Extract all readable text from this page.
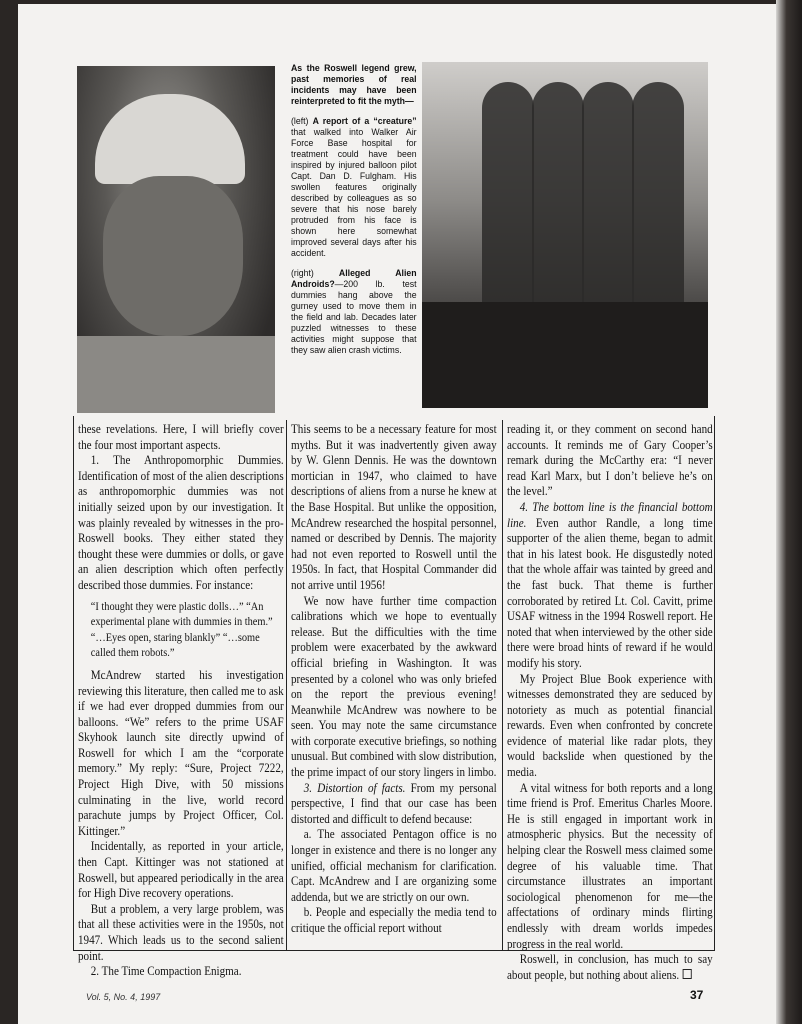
As the Roswell legend grew, past memories of real incidents may have been reinterpreted to fit the myth—

(left) A report of a “creature” that walked into Walker Air Force Base hospital for treatment could have been inspired by injured balloon pilot Capt. Dan D. Fulgham. His swollen features originally described by colleagues as so severe that his nose barely protruded from his face is shown here somewhat improved several days after his accident.

(right) Alleged Alien Androids?—200 lb. test dummies hang above the gurney used to move them in the field and lab. Decades later puzzled witnesses to these activities might suppose that they saw alien crash victims.

these revelations. Here, I will briefly cover the four most important aspects.

1. The Anthropomorphic Dummies. Identification of most of the alien descriptions as anthropomorphic dummies was not initially seized upon by our investigation. It was plainly revealed by witnesses in the pro-Roswell books. They either stated they thought these were dummies or dolls, or gave an alien description which often perfectly described those dummies. For instance:

“I thought they were plastic dolls…” “An experimental plane with dummies in them.” “…Eyes open, staring blankly” “…some called them robots.”

McAndrew started his investigation reviewing this literature, then called me to ask if we had ever dropped dummies from our balloons. “We” refers to the prime USAF Skyhook launch site directly upwind of Roswell for which I am the “corporate memory.” My reply: “Sure, Project 7222, Project High Dive, with 50 missions culminating in the live, world record parachute jumps by Project Officer, Col. Kittinger.”

Incidentally, as reported in your article, then Capt. Kittinger was not stationed at Roswell, but appeared periodically in the area for High Dive recovery operations.

But a problem, a very large problem, was that all these activities were in the 1950s, not 1947. Which leads us to the second salient point.

2. The Time Compaction Enigma.

This seems to be a necessary feature for most myths. But it was inadvertently given away by W. Glenn Dennis. He was the downtown mortician in 1947, who claimed to have descriptions of aliens from a nurse he knew at the Base Hospital. But unlike the opposition, McAndrew researched the hospital personnel, named or described by Dennis. The majority had not even reported to Roswell until the 1950s. In fact, that Hospital Commander did not arrive until 1956!

We now have further time compaction calibrations which we hope to eventually release. But the difficulties with the time problem were exacerbated by the awkward official briefing in Washington. It was presented by a colonel who was only briefed on the report the previous evening! Meanwhile McAndrew was nowhere to be seen. You may note the same circumstance with corporate executive briefings, so nothing unusual. But combined with slow distribution, the prime impact of our story lingers in limbo.

3. Distortion of facts. From my personal perspective, I find that our case has been distorted and difficult to defend because:

a. The associated Pentagon office is no longer in existence and there is no longer any unified, official mechanism for clarification. Capt. McAndrew and I are organizing some addenda, but we are strictly on our own.

b. People and especially the media tend to critique the official report without

reading it, or they comment on second hand accounts. It reminds me of Gary Cooper’s remark during the McCarthy era: “I never read Karl Marx, but I don’t believe he’s on the level.”

4. The bottom line is the financial bottom line. Even author Randle, a long time supporter of the alien theme, began to admit that in his latest book. He disgustedly noted that the whole affair was tainted by greed and the fast buck. That theme is further corroborated by retired Lt. Col. Cavitt, prime USAF witness in the 1994 Roswell report. He noted that when interviewed by the other side there were broad hints of reward if he would modify his story.

My Project Blue Book experience with witnesses demonstrated they are seduced by notoriety as much as potential financial rewards. Even when confronted by concrete evidence of material like radar plots, they would backslide when questioned by the media.

A vital witness for both reports and a long time friend is Prof. Emeritus Charles Moore. He is still engaged in important work in atmospheric physics. But the necessity of helping clear the Roswell mess claimed some degree of his valuable time. That circumstance illustrates an important sociological phenomenon for me—the affectations of ordinary minds flirting endlessly with dream worlds impedes progress in the real world.

Roswell, in conclusion, has much to say about people, but nothing about aliens.

Vol. 5, No. 4, 1997	37
